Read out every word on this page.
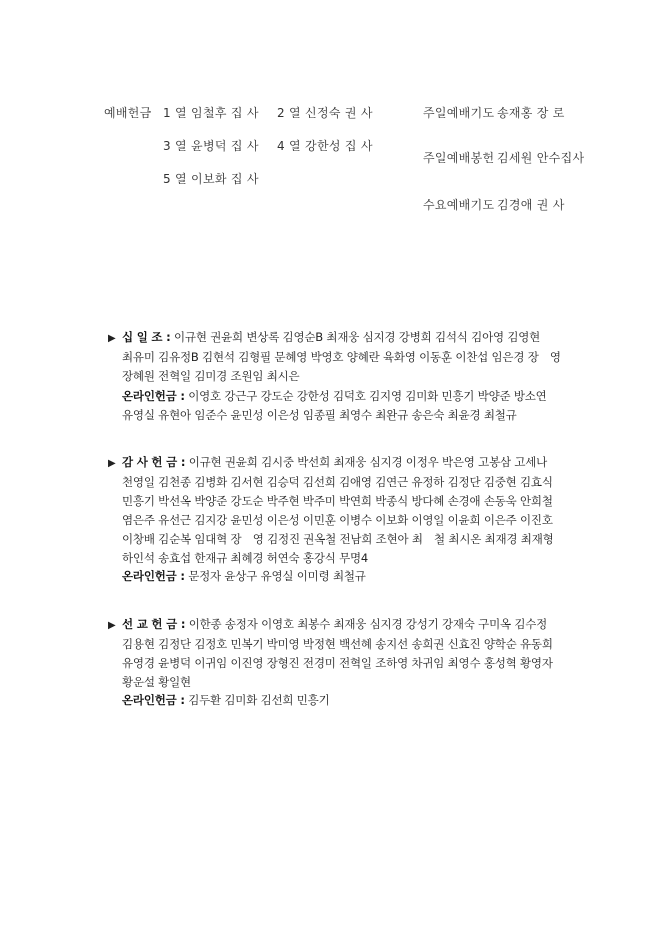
예배헌금 1 열 임철후 집 사 2 열 신정숙 권 사
3 열 윤병덕 집 사 4 열 강한성 집 사
5 열 이보화 집 사
주일예배기도 송재홍 장 로
주일예배봉헌 김세원 안수집사
수요예배기도 김경애 권 사
▶ 십 일 조 : 이규현 권윤희 변상록 김영순B 최재웅 심지경 강병희 김석식 김아영 김영현
최유미 김유정B 김현석 김형필 문혜영 박영호 양혜란 육화영 이동훈 이찬섭 임은경 장　영
장혜원 전혁일 김미경 조원임 최시은
온라인헌금 : 이영호 강근구 강도순 강한성 김덕호 김지영 김미화 민흥기 박양준 방소연
유영실 유현아 임준수 윤민성 이은성 임종필 최영수 최완규 송은숙 최윤경 최철규
▶ 감 사 헌 금 : 이규현 권윤희 김시중 박선희 최재웅 심지경 이정우 박은영 고봉삼 고세나
천영일 김천종 김병화 김서현 김승덕 김선희 김애영 김연근 유정하 김정단 김중현 김효식
민흥기 박선옥 박양준 강도순 박주현 박주미 박연희 박종식 방다혜 손경애 손동욱 안희철
염은주 유선근 김지강 윤민성 이은성 이민훈 이병수 이보화 이영일 이윤희 이은주 이진호
이창배 김순복 임대혁 장　영 김정진 권옥철 전남희 조현아 최　철 최시온 최재경 최재형
하인석 송효섭 한재규 최혜경 허연숙 홍강식 무명4
온라인헌금 : 문정자 윤상구 유영실 이미령 최철규
▶ 선 교 헌 금 : 이한종 송정자 이영호 최봉수 최재웅 심지경 강성기 강재숙 구미옥 김수정
김용현 김정단 김정호 민복기 박미영 박정현 백선혜 송지선 송희권 신효진 양학순 유동희
유영경 윤병덕 이귀임 이진영 장형진 전경미 전혁일 조하영 차귀임 최영수 홍성혁 황영자
황운설 황일현
온라인헌금 : 김두환 김미화 김선희 민흥기
